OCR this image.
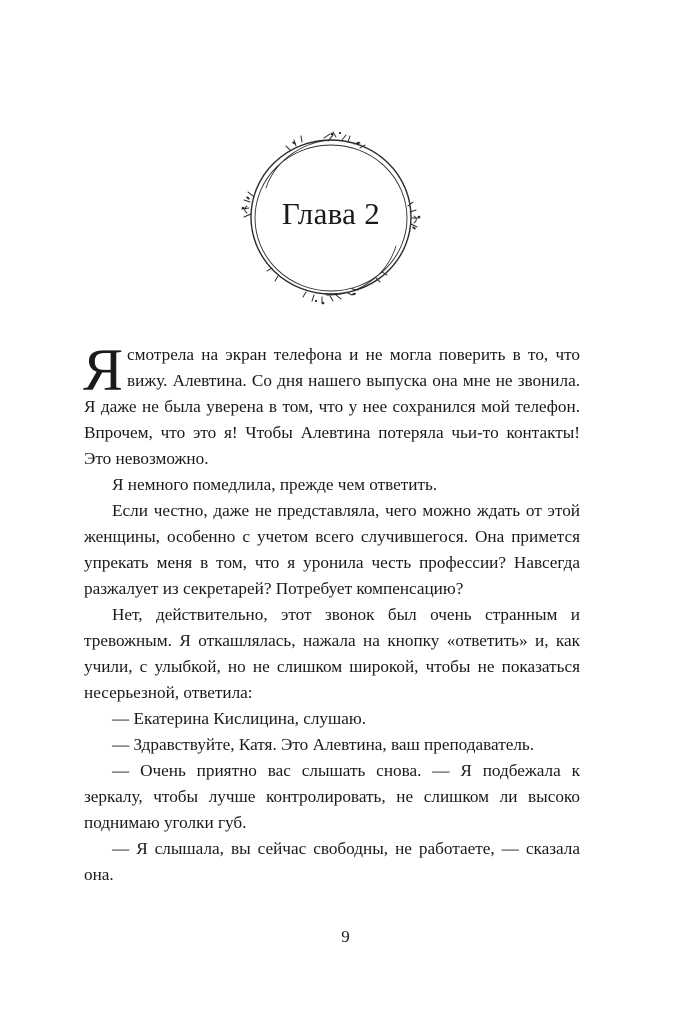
Глава 2

Я смотрела на экран телефона и не могла поверить в то, что вижу. Алевтина. Со дня нашего выпуска она мне не звонила. Я даже не была уверена в том, что у нее сохранился мой телефон. Впрочем, что это я! Чтобы Алевтина потеряла чьи-то контакты! Это невозможно.

Я немного помедлила, прежде чем ответить.

Если честно, даже не представляла, чего можно ждать от этой женщины, особенно с учетом всего случившегося. Она примется упрекать меня в том, что я уронила честь профессии? Навсегда разжалует из секретарей? Потребует компенсацию?

Нет, действительно, этот звонок был очень странным и тревожным. Я откашлялась, нажала на кнопку «ответить» и, как учили, с улыбкой, но не слишком широкой, чтобы не показаться несерьезной, ответила:

— Екатерина Кислицина, слушаю.

— Здравствуйте, Катя. Это Алевтина, ваш преподаватель.

— Очень приятно вас слышать снова. — Я подбежала к зеркалу, чтобы лучше контролировать, не слишком ли высоко поднимаю уголки губ.

— Я слышала, вы сейчас свободны, не работаете, — сказала она.

9
